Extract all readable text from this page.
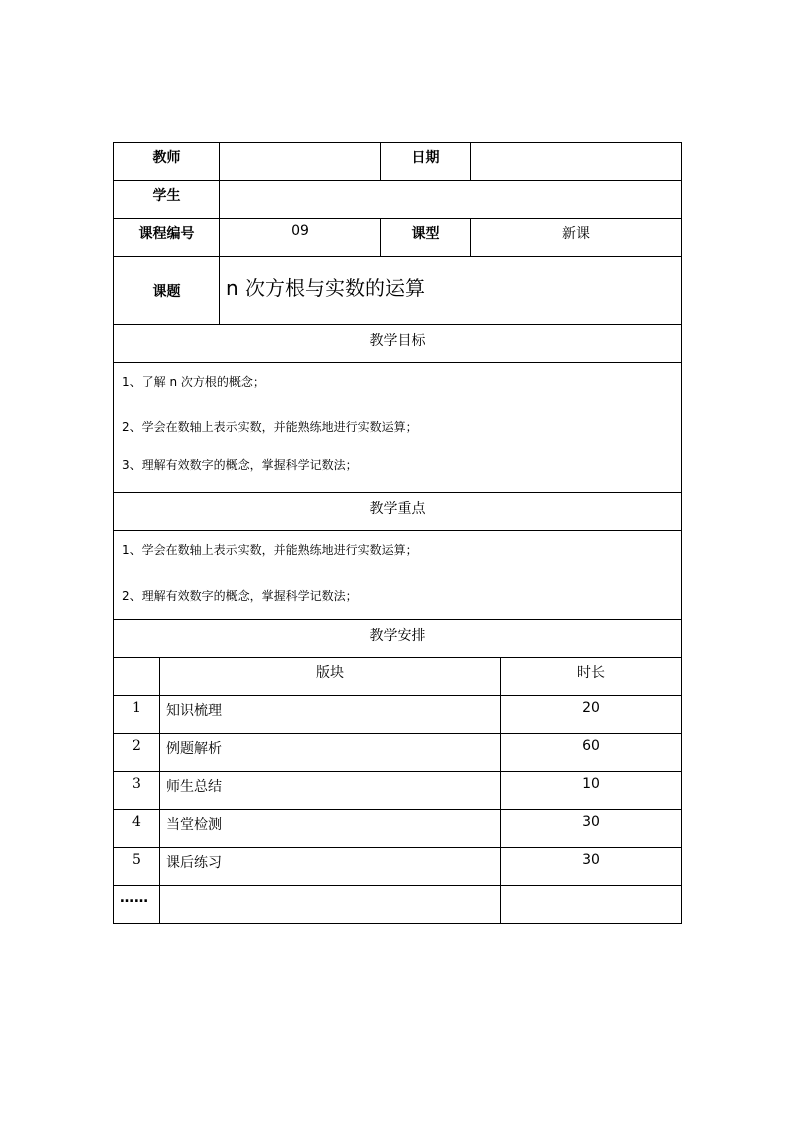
教师		日期	
学生			
课程编号	09	课型	新课
课题	n 次方根与实数的运算		
教学目标			

1、了解 n 次方根的概念；

2、学会在数轴上表示实数，并能熟练地进行实数运算；

3、理解有效数字的概念，掌握科学记数法；			

教学重点			

1、学会在数轴上表示实数，并能熟练地进行实数运算；

2、理解有效数字的概念，掌握科学记数法；			

教学安排			
	版块	时长
1	知识梳理	20
2	例题解析	60
3	师生总结	10
4	当堂检测	30
5	课后练习	30
……		
